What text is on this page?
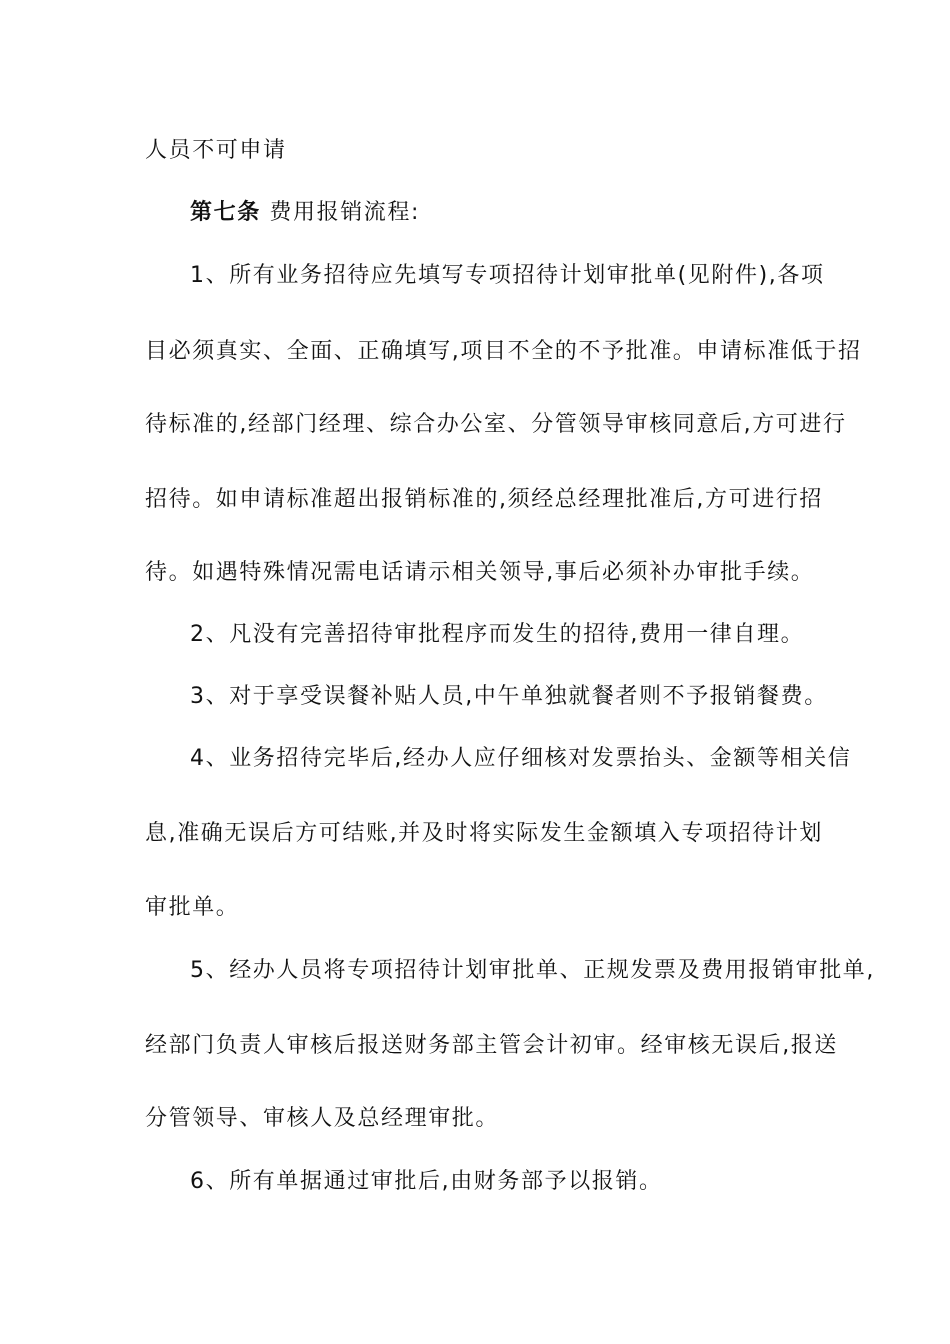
人员不可申请
第七条 费用报销流程:
1、所有业务招待应先填写专项招待计划审批单(见附件),各项
目必须真实、全面、正确填写,项目不全的不予批准。申请标准低于招
待标准的,经部门经理、综合办公室、分管领导审核同意后,方可进行
招待。如申请标准超出报销标准的,须经总经理批准后,方可进行招
待。如遇特殊情况需电话请示相关领导,事后必须补办审批手续。
2、凡没有完善招待审批程序而发生的招待,费用一律自理。
3、对于享受误餐补贴人员,中午单独就餐者则不予报销餐费。
4、业务招待完毕后,经办人应仔细核对发票抬头、金额等相关信
息,准确无误后方可结账,并及时将实际发生金额填入专项招待计划
审批单。
5、经办人员将专项招待计划审批单、正规发票及费用报销审批单,
经部门负责人审核后报送财务部主管会计初审。经审核无误后,报送
分管领导、审核人及总经理审批。
6、所有单据通过审批后,由财务部予以报销。
